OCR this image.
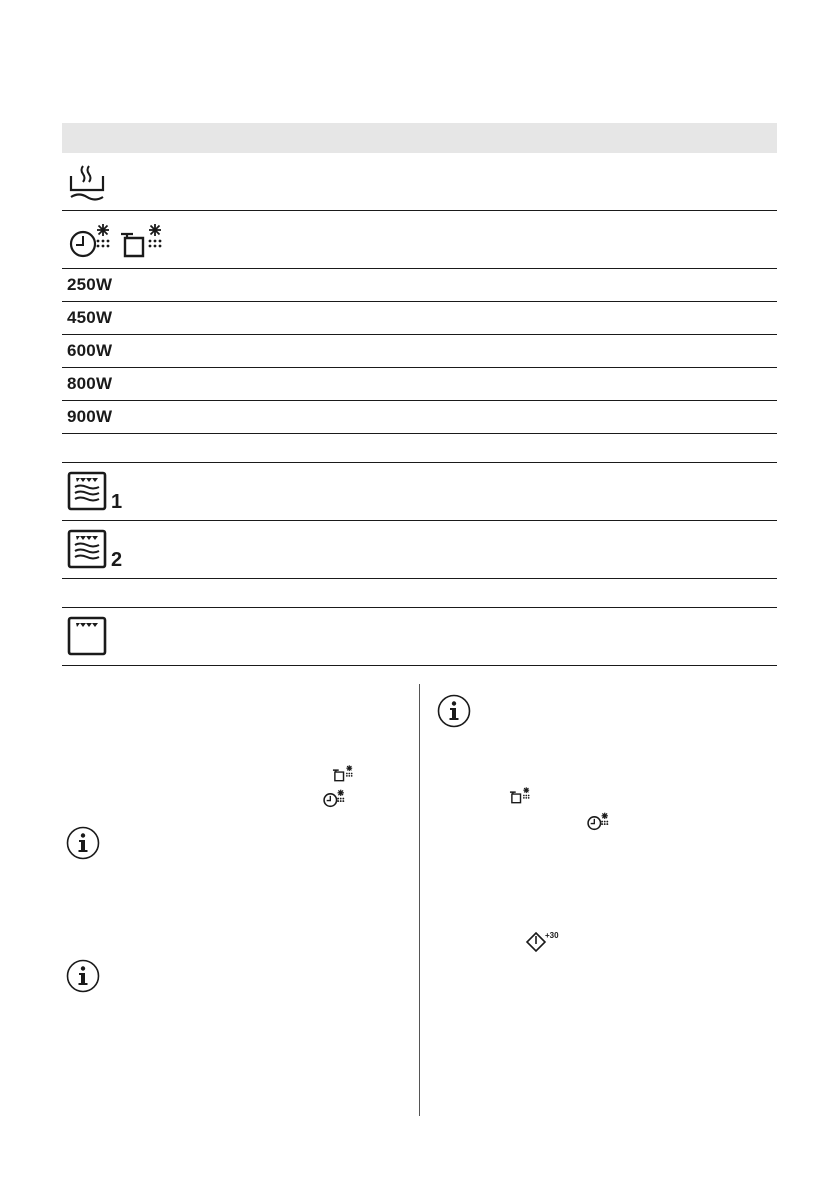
250W
450W
600W
800W
900W
1
2
+30
